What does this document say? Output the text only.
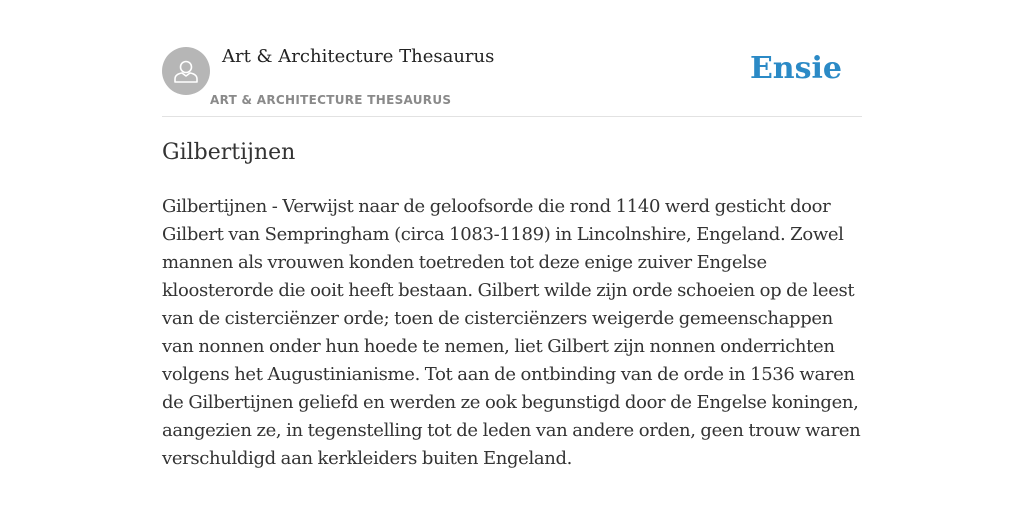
Art & Architecture Thesaurus
ART & ARCHITECTURE THESAURUS
Ensie
Gilbertijnen

Gilbertijnen - Verwijst naar de geloofsorde die rond 1140 werd gesticht door Gilbert van Sempringham (circa 1083-1189) in Lincolnshire, Engeland. Zowel mannen als vrouwen konden toetreden tot deze enige zuiver Engelse kloosterorde die ooit heeft bestaan. Gilbert wilde zijn orde schoeien op de leest van de cisterciënzer orde; toen de cisterciënzers weigerde gemeenschappen van nonnen onder hun hoede te nemen, liet Gilbert zijn nonnen onderrichten volgens het Augustinianisme. Tot aan de ontbinding van de orde in 1536 waren de Gilbertijnen geliefd en werden ze ook begunstigd door de Engelse koningen, aangezien ze, in tegenstelling tot de leden van andere orden, geen trouw waren verschuldigd aan kerkleiders buiten Engeland.
